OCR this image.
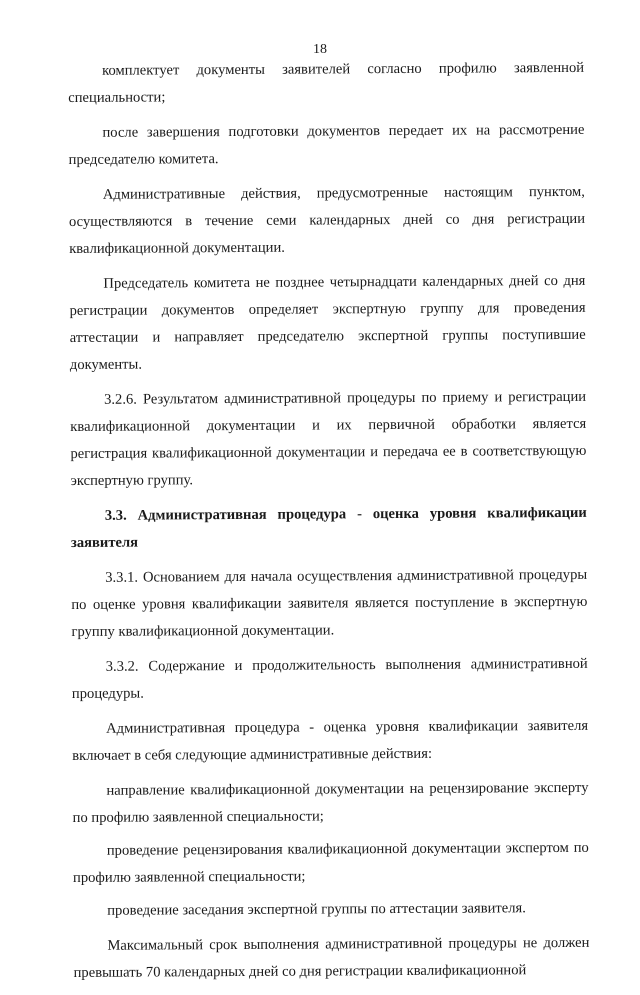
18

комплектует документы заявителей согласно профилю заявленной специальности;

после завершения подготовки документов передает их на рассмотрение председателю комитета.

Административные действия, предусмотренные настоящим пунктом, осуществляются в течение семи календарных дней со дня регистрации квалификационной документации.

Председатель комитета не позднее четырнадцати календарных дней со дня регистрации документов определяет экспертную группу для проведения аттестации и направляет председателю экспертной группы поступившие документы.

3.2.6. Результатом административной процедуры по приему и регистрации квалификационной документации и их первичной обработки является регистрация квалификационной документации и передача ее в соответствующую экспертную группу.

3.3. Административная процедура - оценка уровня квалификации заявителя

3.3.1. Основанием для начала осуществления административной процедуры по оценке уровня квалификации заявителя является поступление в экспертную группу квалификационной документации.

3.3.2. Содержание и продолжительность выполнения административной процедуры.

Административная процедура - оценка уровня квалификации заявителя включает в себя следующие административные действия:

направление квалификационной документации на рецензирование эксперту по профилю заявленной специальности;

проведение рецензирования квалификационной документации экспертом по профилю заявленной специальности;

проведение заседания экспертной группы по аттестации заявителя.

Максимальный срок выполнения административной процедуры не должен превышать 70 календарных дней со дня регистрации квалификационной
